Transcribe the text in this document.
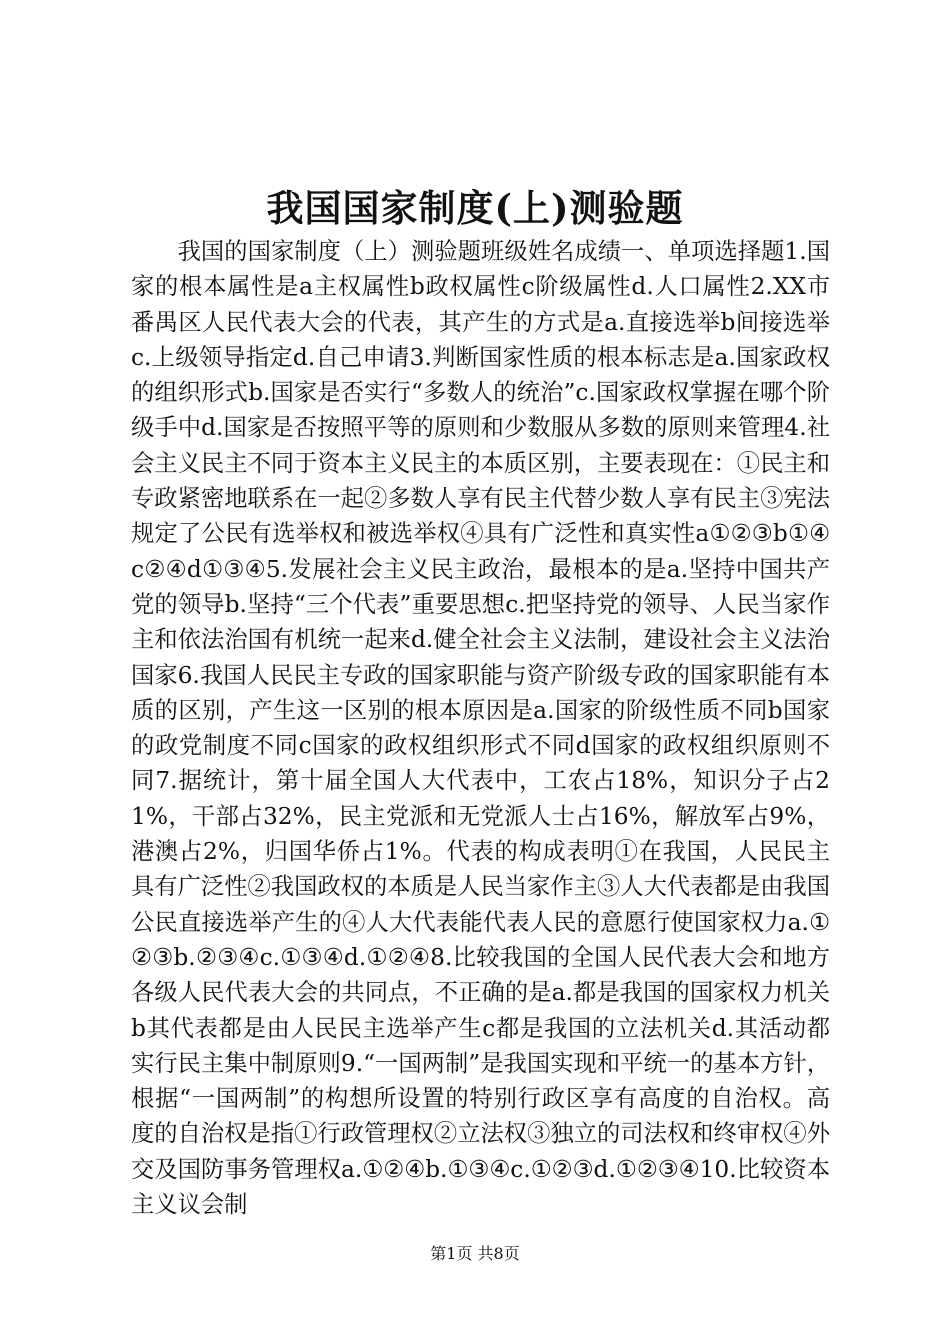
我国国家制度(上)测验题

我国的国家制度（上）测验题班级姓名成绩一、单项选择题1.国家的根本属性是a主权属性b政权属性c阶级属性d.人口属性2.XX市番禺区人民代表大会的代表，其产生的方式是a.直接选举b间接选举c.上级领导指定d.自己申请3.判断国家性质的根本标志是a.国家政权的组织形式b.国家是否实行“多数人的统治”c.国家政权掌握在哪个阶级手中d.国家是否按照平等的原则和少数服从多数的原则来管理4.社会主义民主不同于资本主义民主的本质区别，主要表现在：①民主和专政紧密地联系在一起②多数人享有民主代替少数人享有民主③宪法规定了公民有选举权和被选举权④具有广泛性和真实性a①②③b①④c②④d①③④5.发展社会主义民主政治，最根本的是a.坚持中国共产党的领导b.坚持“三个代表”重要思想c.把坚持党的领导、人民当家作主和依法治国有机统一起来d.健全社会主义法制，建设社会主义法治国家6.我国人民民主专政的国家职能与资产阶级专政的国家职能有本质的区别，产生这一区别的根本原因是a.国家的阶级性质不同b国家的政党制度不同c国家的政权组织形式不同d国家的政权组织原则不同7.据统计，第十届全国人大代表中，工农占18%，知识分子占21%，干部占32%，民主党派和无党派人士占16%，解放军占9%，港澳占2%，归国华侨占1%。代表的构成表明①在我国，人民民主具有广泛性②我国政权的本质是人民当家作主③人大代表都是由我国公民直接选举产生的④人大代表能代表人民的意愿行使国家权力a.①②③b.②③④c.①③④d.①②④8.比较我国的全国人民代表大会和地方各级人民代表大会的共同点，不正确的是a.都是我国的国家权力机关b其代表都是由人民民主选举产生c都是我国的立法机关d.其活动都实行民主集中制原则9.“一国两制”是我国实现和平统一的基本方针，根据“一国两制”的构想所设置的特别行政区享有高度的自治权。高度的自治权是指①行政管理权②立法权③独立的司法权和终审权④外交及国防事务管理权a.①②④b.①③④c.①②③d.①②③④10.比较资本主义议会制

第1页 共8页
